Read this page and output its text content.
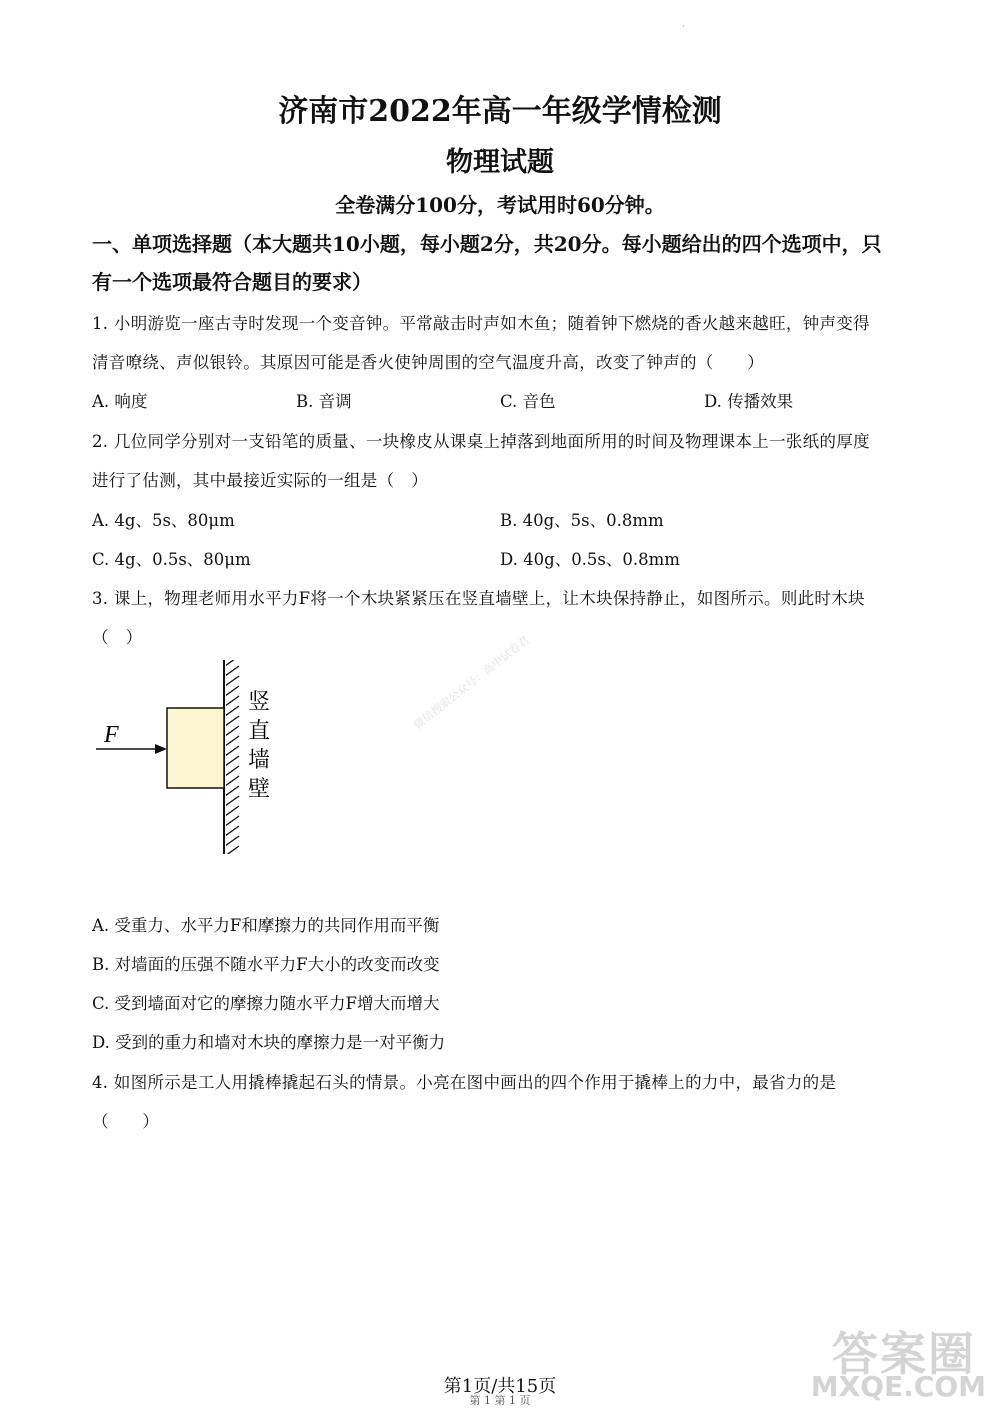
·
济南市2022年高一年级学情检测
物理试题
全卷满分100分，考试用时60分钟。
一、单项选择题（本大题共10小题，每小题2分，共20分。每小题给出的四个选项中，只
有一个选项最符合题目的要求）
1. 小明游览一座古寺时发现一个变音钟。平常敲击时声如木鱼；随着钟下燃烧的香火越来越旺，钟声变得
清音嘹绕、声似银铃。其原因可能是香火使钟周围的空气温度升高，改变了钟声的（　　）
A. 响度	B. 音调	C. 音色	D. 传播效果
2. 几位同学分别对一支铅笔的质量、一块橡皮从课桌上掉落到地面所用的时间及物理课本上一张纸的厚度
进行了估测，其中最接近实际的一组是（　）
A. 4g、5s、80μm	B. 40g、5s、0.8mm
C. 4g、0.5s、80μm	D. 40g、0.5s、0.8mm
3. 课上，物理老师用水平力F将一个木块紧紧压在竖直墙壁上，让木块保持静止，如图所示。则此时木块
（　）	微信搜索公众号：高中试卷君
F
竖
直
墙
壁
A. 受重力、水平力F和摩擦力的共同作用而平衡
B. 对墙面的压强不随水平力F大小的改变而改变
C. 受到墙面对它的摩擦力随水平力F增大而增大
D. 受到的重力和墙对木块的摩擦力是一对平衡力
4. 如图所示是工人用撬棒撬起石头的情景。小亮在图中画出的四个作用于撬棒上的力中，最省力的是
（　　）
第1页/共15页
第 1 第 1 页
答案圈
MXQE.COM
